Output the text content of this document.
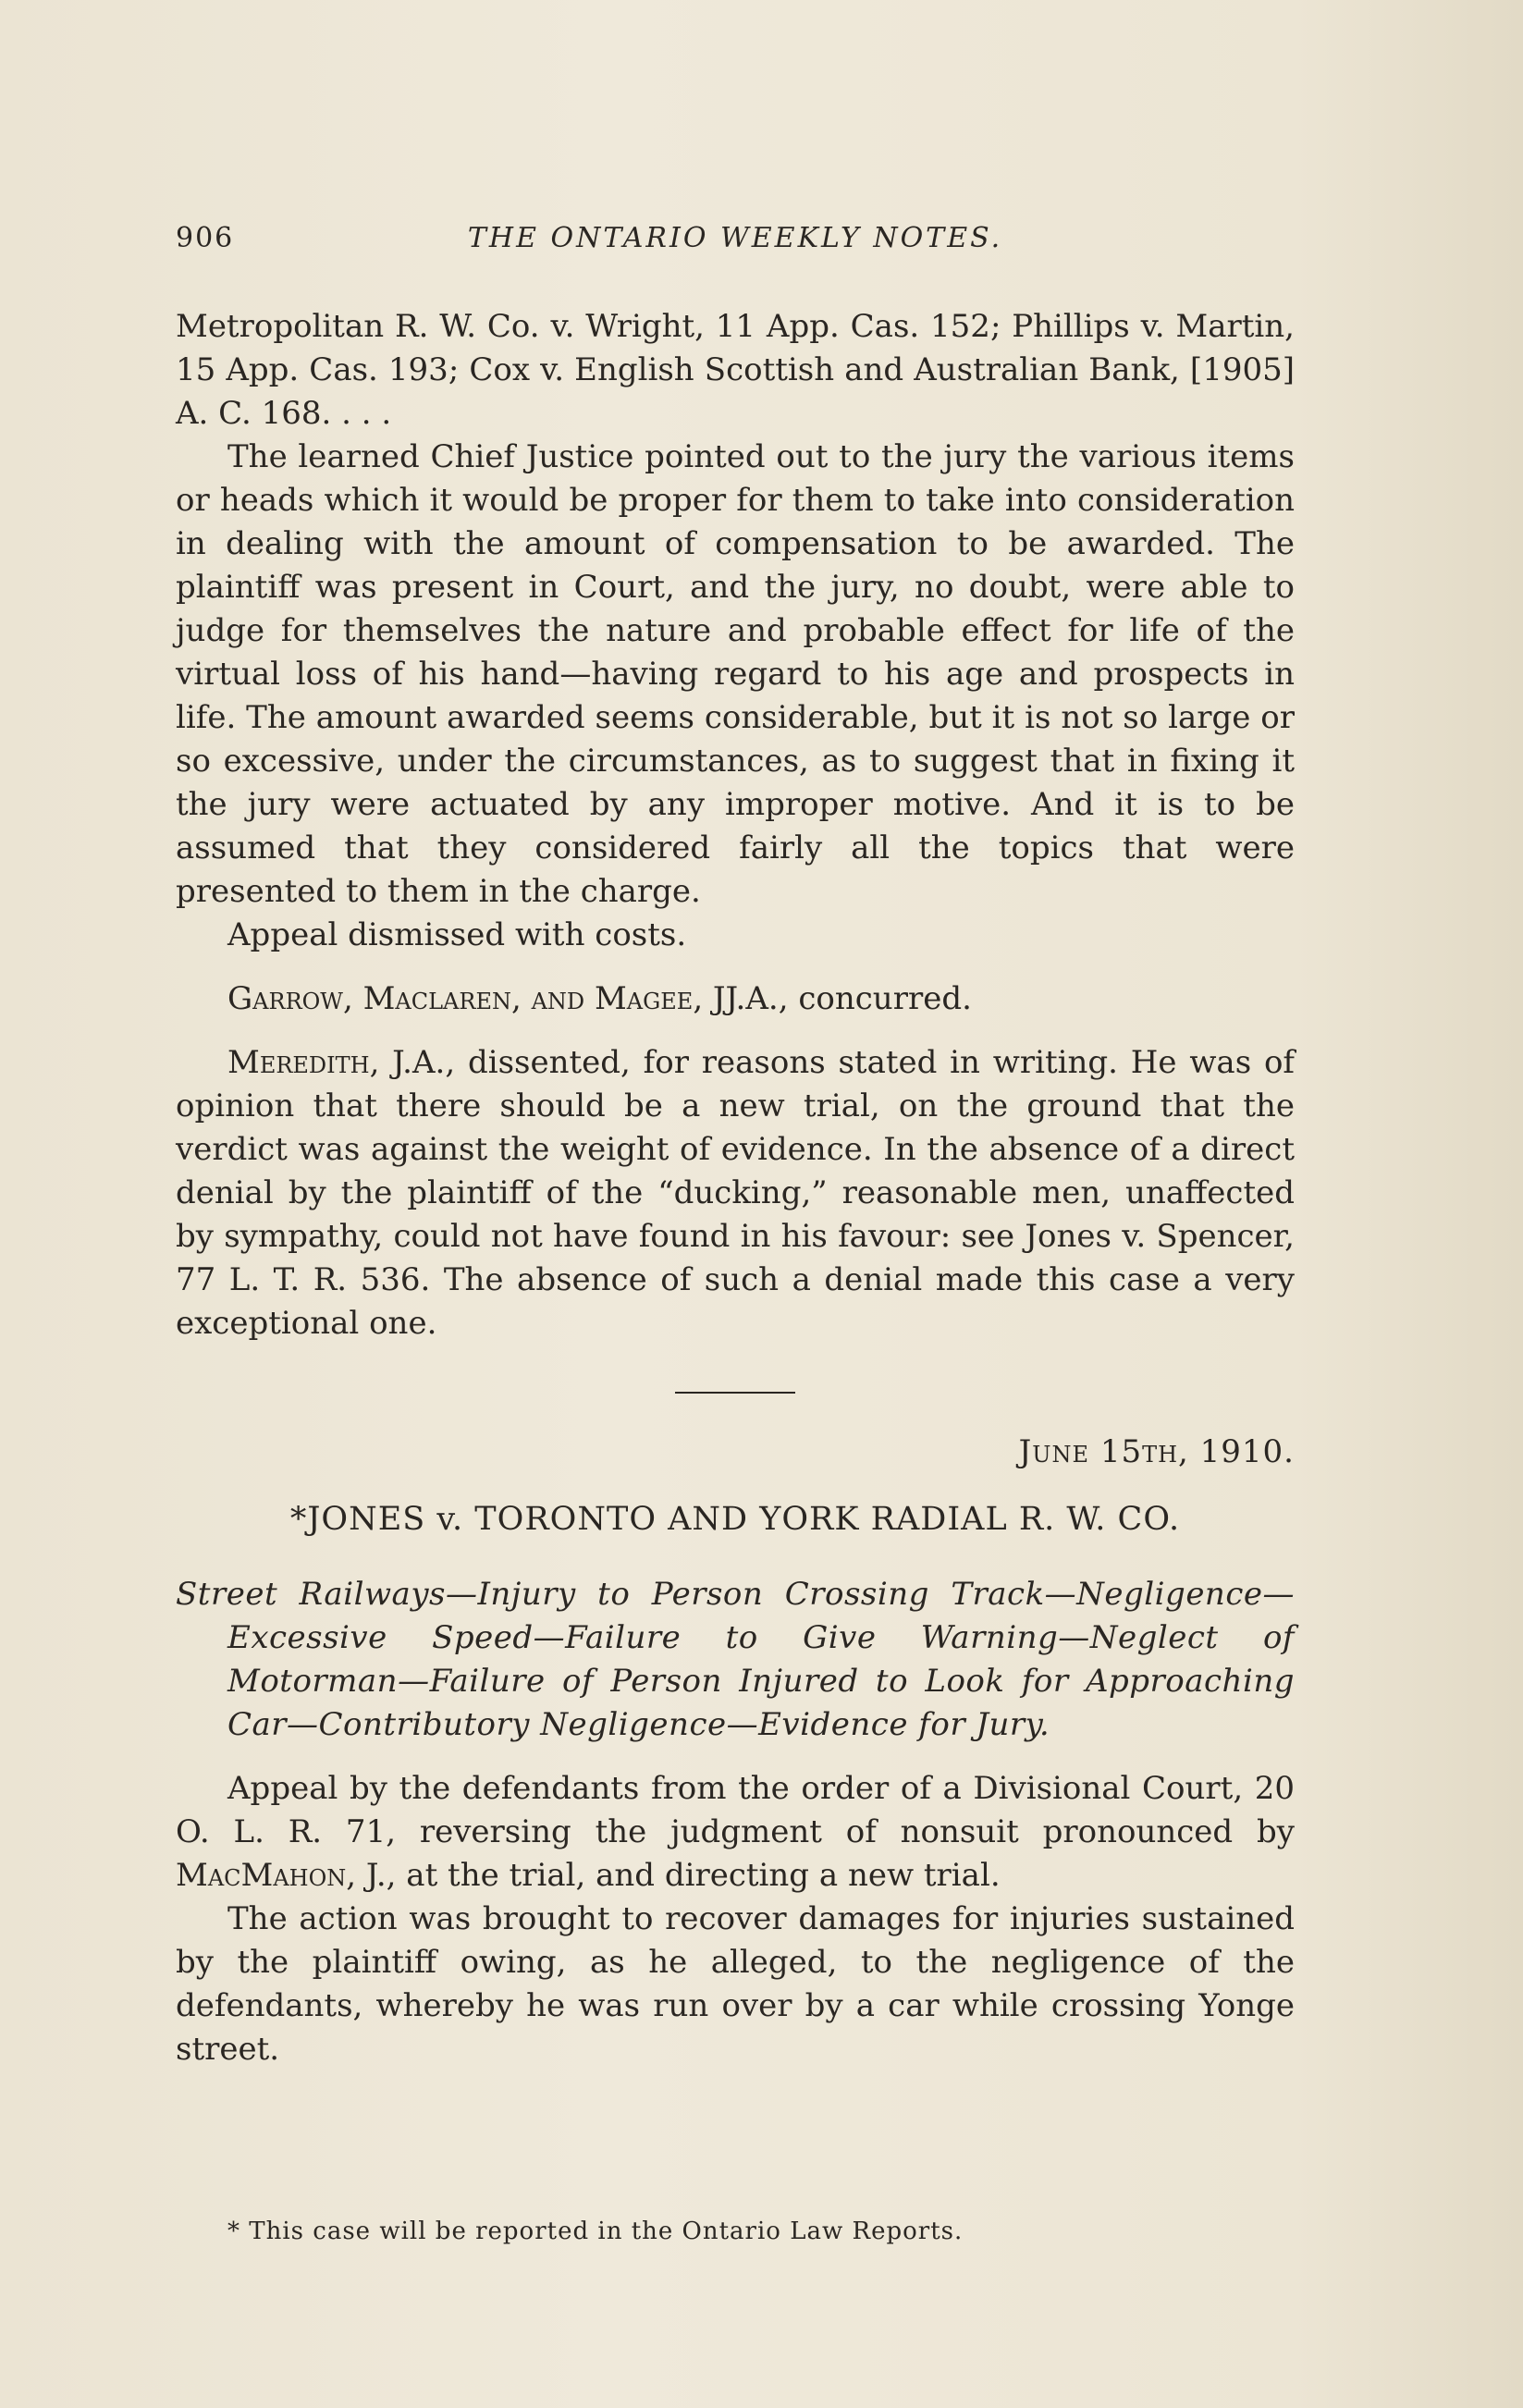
906	THE ONTARIO WEEKLY NOTES.

Metropolitan R. W. Co. v. Wright, 11 App. Cas. 152; Phillips v. Martin, 15 App. Cas. 193; Cox v. English Scottish and Australian Bank, [1905] A. C. 168. . . .

The learned Chief Justice pointed out to the jury the various items or heads which it would be proper for them to take into consideration in dealing with the amount of compensation to be awarded. The plaintiff was present in Court, and the jury, no doubt, were able to judge for themselves the nature and probable effect for life of the virtual loss of his hand—having regard to his age and prospects in life. The amount awarded seems considerable, but it is not so large or so excessive, under the circumstances, as to suggest that in fixing it the jury were actuated by any improper motive. And it is to be assumed that they considered fairly all the topics that were presented to them in the charge.

Appeal dismissed with costs.

Garrow, Maclaren, and Magee, JJ.A., concurred.

Meredith, J.A., dissented, for reasons stated in writing. He was of opinion that there should be a new trial, on the ground that the verdict was against the weight of evidence. In the absence of a direct denial by the plaintiff of the “ducking,” reasonable men, unaffected by sympathy, could not have found in his favour: see Jones v. Spencer, 77 L. T. R. 536. The absence of such a denial made this case a very exceptional one.

June 15th, 1910.

*JONES v. TORONTO AND YORK RADIAL R. W. CO.

Street Railways—Injury to Person Crossing Track—Negligence—Excessive Speed—Failure to Give Warning—Neglect of Motorman—Failure of Person Injured to Look for Approaching Car—Contributory Negligence—Evidence for Jury.

Appeal by the defendants from the order of a Divisional Court, 20 O. L. R. 71, reversing the judgment of nonsuit pronounced by MacMahon, J., at the trial, and directing a new trial.

The action was brought to recover damages for injuries sustained by the plaintiff owing, as he alleged, to the negligence of the defendants, whereby he was run over by a car while crossing Yonge street.

* This case will be reported in the Ontario Law Reports.
